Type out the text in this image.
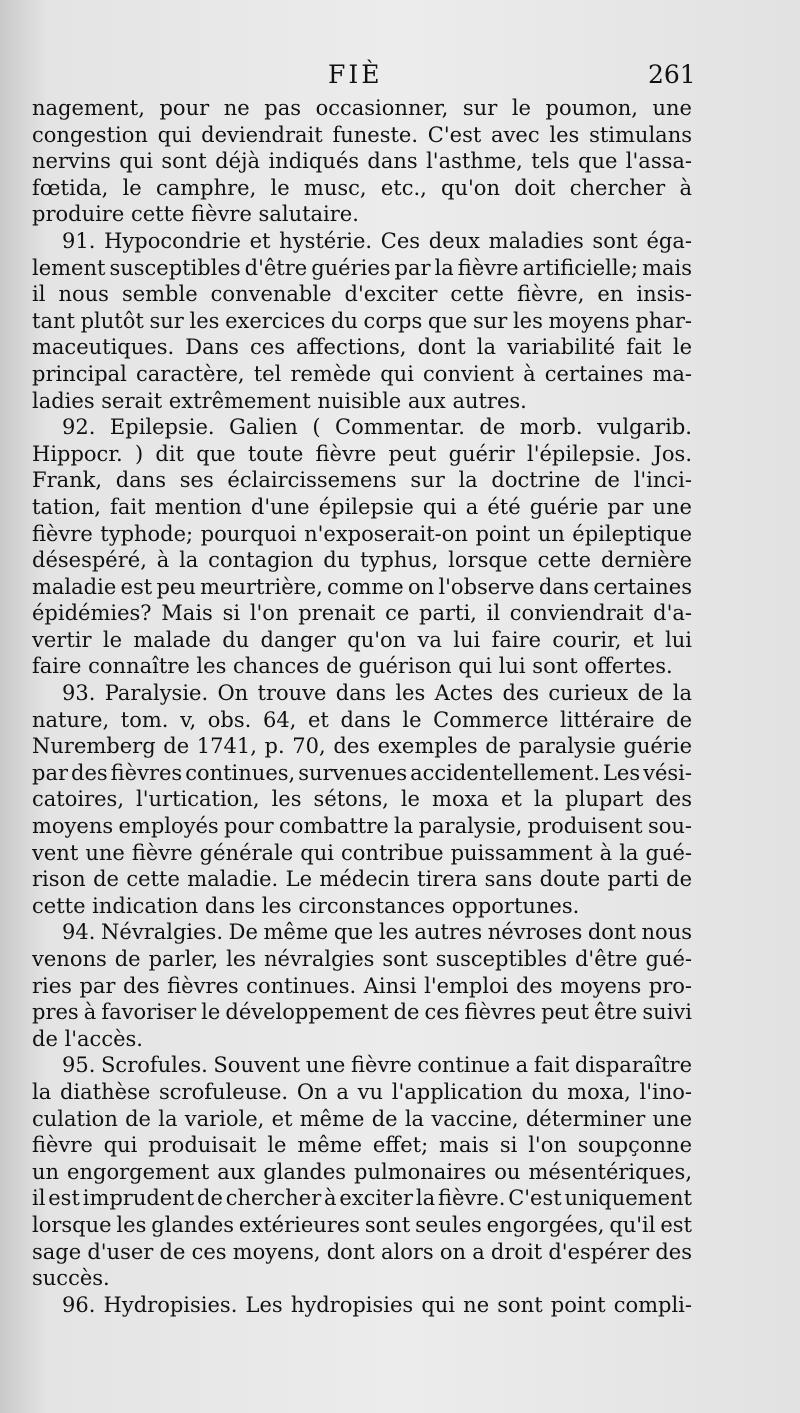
FIÈ	261
nagement, pour ne pas occasionner, sur le poumon, une
congestion qui deviendrait funeste. C'est avec les stimulans
nervins qui sont déjà indiqués dans l'asthme, tels que l'assa-
fœtida, le camphre, le musc, etc., qu'on doit chercher à
produire cette fièvre salutaire.
91. Hypocondrie et hystérie. Ces deux maladies sont éga-
lement susceptibles d'être guéries par la fièvre artificielle; mais
il nous semble convenable d'exciter cette fièvre, en insis-
tant plutôt sur les exercices du corps que sur les moyens phar-
maceutiques. Dans ces affections, dont la variabilité fait le
principal caractère, tel remède qui convient à certaines ma-
ladies serait extrêmement nuisible aux autres.
92. Epilepsie. Galien ( Commentar. de morb. vulgarib.
Hippocr. ) dit que toute fièvre peut guérir l'épilepsie. Jos.
Frank, dans ses éclaircissemens sur la doctrine de l'inci-
tation, fait mention d'une épilepsie qui a été guérie par une
fièvre typhode; pourquoi n'exposerait-on point un épileptique
désespéré, à la contagion du typhus, lorsque cette dernière
maladie est peu meurtrière, comme on l'observe dans certaines
épidémies? Mais si l'on prenait ce parti, il conviendrait d'a-
vertir le malade du danger qu'on va lui faire courir, et lui
faire connaître les chances de guérison qui lui sont offertes.
93. Paralysie. On trouve dans les Actes des curieux de la
nature, tom. v, obs. 64, et dans le Commerce littéraire de
Nuremberg de 1741, p. 70, des exemples de paralysie guérie
par des fièvres continues, survenues accidentellement. Les vési-
catoires, l'urtication, les sétons, le moxa et la plupart des
moyens employés pour combattre la paralysie, produisent sou-
vent une fièvre générale qui contribue puissamment à la gué-
rison de cette maladie. Le médecin tirera sans doute parti de
cette indication dans les circonstances opportunes.
94. Névralgies. De même que les autres névroses dont nous
venons de parler, les névralgies sont susceptibles d'être gué-
ries par des fièvres continues. Ainsi l'emploi des moyens pro-
pres à favoriser le développement de ces fièvres peut être suivi
de l'accès.
95. Scrofules. Souvent une fièvre continue a fait disparaître
la diathèse scrofuleuse. On a vu l'application du moxa, l'ino-
culation de la variole, et même de la vaccine, déterminer une
fièvre qui produisait le même effet; mais si l'on soupçonne
un engorgement aux glandes pulmonaires ou mésentériques,
il est imprudent de chercher à exciter la fièvre. C'est uniquement
lorsque les glandes extérieures sont seules engorgées, qu'il est
sage d'user de ces moyens, dont alors on a droit d'espérer des
succès.
96. Hydropisies. Les hydropisies qui ne sont point compli-
